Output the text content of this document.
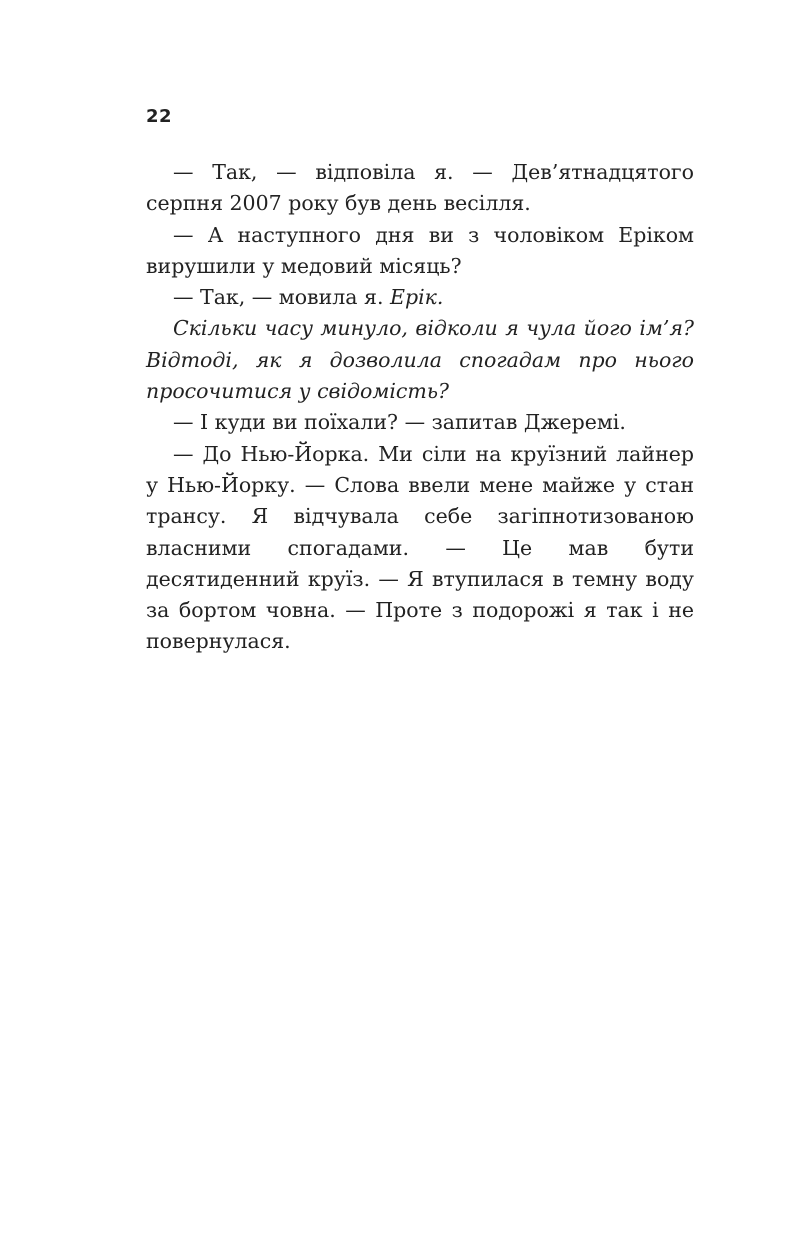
22

— Так, — відповіла я. — Дев’ятнадцятого серпня 2007 року був день весілля.

— А наступного дня ви з чоловіком Еріком вирушили у медовий місяць?

— Так, — мовила я. Ерік.

Скільки часу минуло, відколи я чула його ім’я? Відтоді, як я дозволила спогадам про нього просочитися у свідомість?

— І куди ви поїхали? — запитав Джеремі.

— До Нью-Йорка. Ми сіли на круїзний лайнер у Нью-Йорку. — Слова ввели мене майже у стан трансу. Я відчувала себе загіпнотизованою власними спогадами. — Це мав бути десятиденний круїз. — Я втупилася в темну воду за бортом човна. — Проте з подорожі я так і не повернулася.
